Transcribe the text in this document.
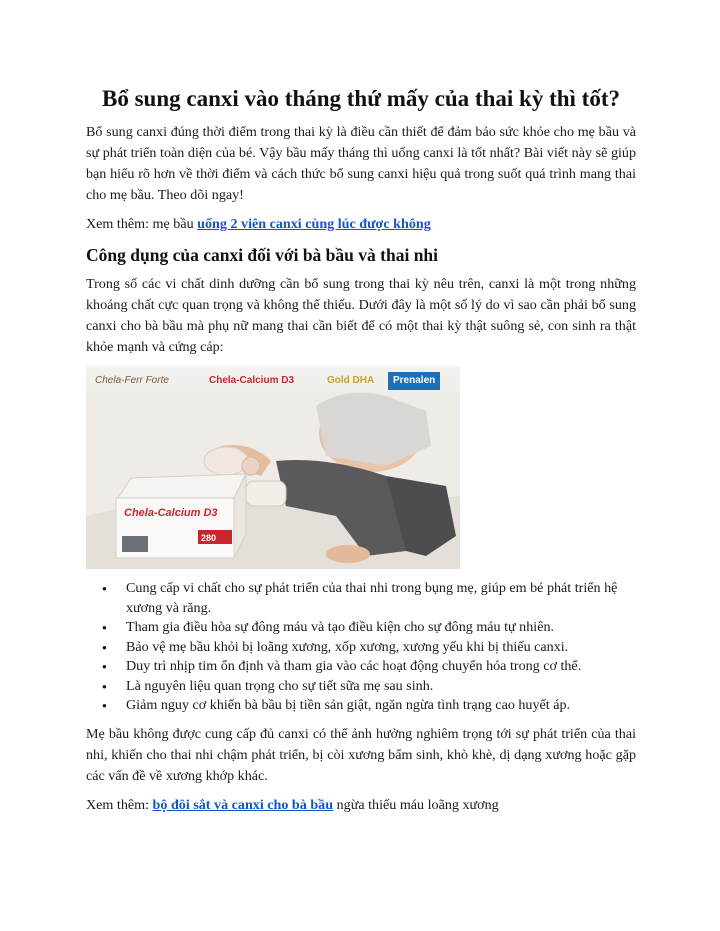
Bổ sung canxi vào tháng thứ mấy của thai kỳ thì tốt?

Bổ sung canxi đúng thời điểm trong thai kỳ là điều cần thiết để đảm bảo sức khỏe cho mẹ bầu và sự phát triển toàn diện của bé. Vậy bầu mấy tháng thì uống canxi là tốt nhất? Bài viết này sẽ giúp bạn hiểu rõ hơn về thời điểm và cách thức bổ sung canxi hiệu quả trong suốt quá trình mang thai cho mẹ bầu. Theo dõi ngay!

Xem thêm: mẹ bầu uống 2 viên canxi cùng lúc được không

Công dụng của canxi đối với bà bầu và thai nhi

Trong số các vi chất dinh dưỡng cần bổ sung trong thai kỳ nêu trên, canxi là một trong những khoáng chất cực quan trọng và không thể thiếu. Dưới đây là một số lý do vì sao cần phải bổ sung canxi cho bà bầu mà phụ nữ mang thai cần biết để có một thai kỳ thật suông sẻ, con sinh ra thật khỏe mạnh và cứng cáp:

Chela-Ferr Forte	Chela-Calcium D3	Gold DHA	Prenalen
Chela-Calcium D3
280
● Cung cấp vi chất cho sự phát triển của thai nhi trong bụng mẹ, giúp em bé phát triển hệ xương và răng.
● Tham gia điều hòa sự đông máu và tạo điều kiện cho sự đông máu tự nhiên.
● Bảo vệ mẹ bầu khỏi bị loãng xương, xốp xương, xương yếu khi bị thiếu canxi.
● Duy trì nhịp tim ổn định và tham gia vào các hoạt động chuyển hóa trong cơ thể.
● Là nguyên liệu quan trọng cho sự tiết sữa mẹ sau sinh.
● Giảm nguy cơ khiến bà bầu bị tiền sản giật, ngăn ngừa tình trạng cao huyết áp.

Mẹ bầu không được cung cấp đủ canxi có thể ảnh hưởng nghiêm trọng tới sự phát triển của thai nhi, khiến cho thai nhi chậm phát triển, bị còi xương bẩm sinh, khò khè, dị dạng xương hoặc gặp các vấn đề về xương khớp khác.

Xem thêm: bộ đôi sắt và canxi cho bà bầu ngừa thiếu máu loãng xương
